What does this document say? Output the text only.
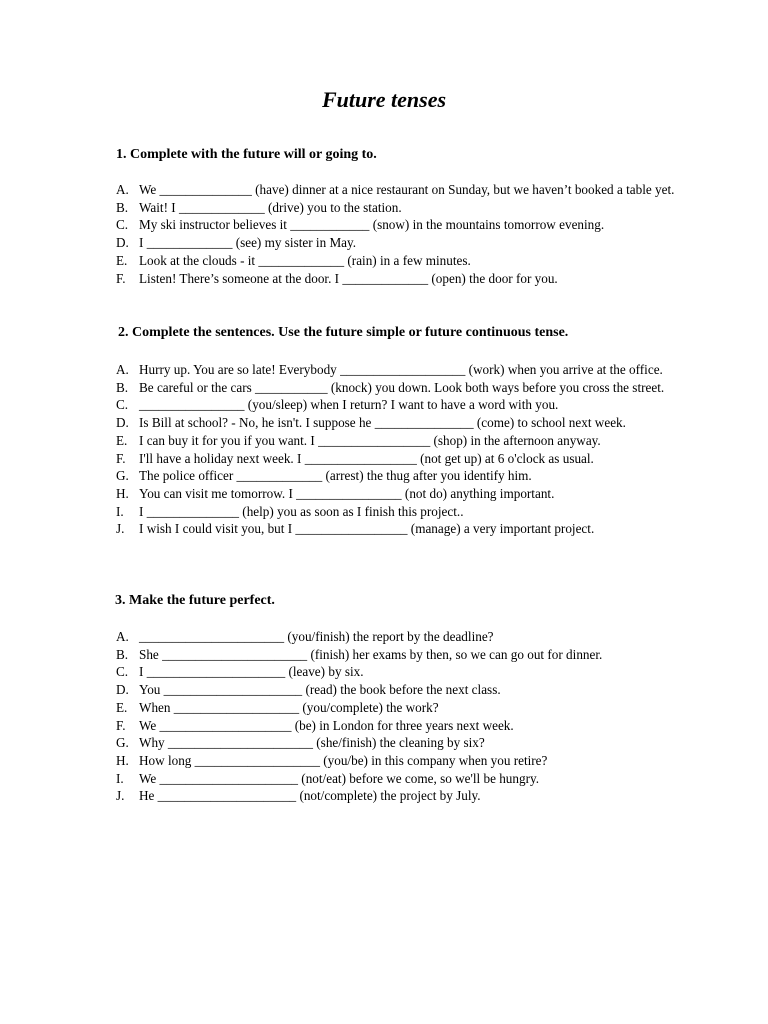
Future tenses
1. Complete with the future will or going to.
A. We ______________ (have) dinner at a nice restaurant on Sunday, but we haven’t booked a table yet.
B. Wait! I _____________ (drive) you to the station.
C. My ski instructor believes it ____________ (snow) in the mountains tomorrow evening.
D. I _____________ (see) my sister in May.
E. Look at the clouds - it _____________ (rain) in a few minutes.
F. Listen! There’s someone at the door. I _____________ (open) the door for you.
2. Complete the sentences. Use the future simple or future continuous tense.
A. Hurry up. You are so late! Everybody ___________________ (work) when you arrive at the office.
B. Be careful or the cars ___________ (knock) you down. Look both ways before you cross the street.
C. ________________ (you/sleep) when I return? I want to have a word with you.
D. Is Bill at school? - No, he isn't. I suppose he _______________ (come) to school next week.
E. I can buy it for you if you want. I _________________ (shop) in the afternoon anyway.
F. I'll have a holiday next week. I _________________ (not get up) at 6 o'clock as usual.
G. The police officer _____________ (arrest) the thug after you identify him.
H. You can visit me tomorrow. I ________________ (not do) anything important.
I. I ______________ (help) you as soon as I finish this project..
J. I wish I could visit you, but I _________________ (manage) a very important project.
3. Make the future perfect.
A. ______________________ (you/finish) the report by the deadline?
B. She ______________________ (finish) her exams by then, so we can go out for dinner.
C. I _____________________ (leave) by six.
D. You _____________________ (read) the book before the next class.
E. When ___________________ (you/complete) the work?
F. We ____________________ (be) in London for three years next week.
G. Why ______________________ (she/finish) the cleaning by six?
H. How long ___________________ (you/be) in this company when you retire?
I. We _____________________ (not/eat) before we come, so we'll be hungry.
J. He _____________________ (not/complete) the project by July.
